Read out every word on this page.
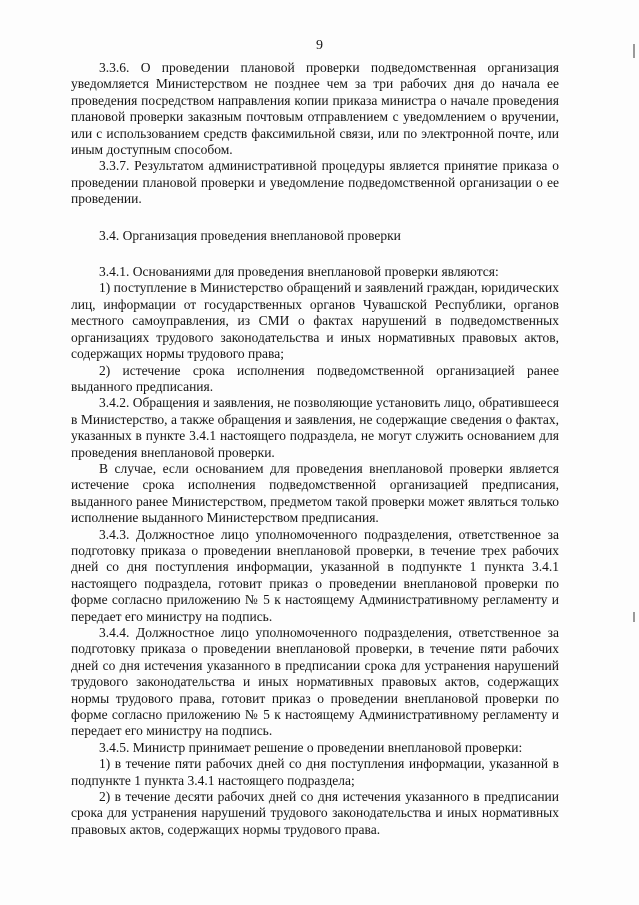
9

3.3.6. О проведении плановой проверки подведомственная организация уведомляется Министерством не позднее чем за три рабочих дня до начала ее проведения посредством направления копии приказа министра о начале проведения плановой проверки заказным почтовым отправлением с уведомлением о вручении, или с использованием средств факсимильной связи, или по электронной почте, или иным доступным способом.

3.3.7. Результатом административной процедуры является принятие приказа о проведении плановой проверки и уведомление подведомственной организации о ее проведении.

3.4. Организация проведения внеплановой проверки

3.4.1. Основаниями для проведения внеплановой проверки являются:

1) поступление в Министерство обращений и заявлений граждан, юридических лиц, информации от государственных органов Чувашской Республики, органов местного самоуправления, из СМИ о фактах нарушений в подведомственных организациях трудового законодательства и иных нормативных правовых актов, содержащих нормы трудового права;

2) истечение срока исполнения подведомственной организацией ранее выданного предписания.

3.4.2. Обращения и заявления, не позволяющие установить лицо, обратившееся в Министерство, а также обращения и заявления, не содержащие сведения о фактах, указанных в пункте 3.4.1 настоящего подраздела, не могут служить основанием для проведения внеплановой проверки.

В случае, если основанием для проведения внеплановой проверки является истечение срока исполнения подведомственной организацией предписания, выданного ранее Министерством, предметом такой проверки может являться только исполнение выданного Министерством предписания.

3.4.3. Должностное лицо уполномоченного подразделения, ответственное за подготовку приказа о проведении внеплановой проверки, в течение трех рабочих дней со дня поступления информации, указанной в подпункте 1 пункта 3.4.1 настоящего подраздела, готовит приказ о проведении внеплановой проверки по форме согласно приложению № 5 к настоящему Административному регламенту и передает его министру на подпись.

3.4.4. Должностное лицо уполномоченного подразделения, ответственное за подготовку приказа о проведении внеплановой проверки, в течение пяти рабочих дней со дня истечения указанного в предписании срока для устранения нарушений трудового законодательства и иных нормативных правовых актов, содержащих нормы трудового права, готовит приказ о проведении внеплановой проверки по форме согласно приложению № 5 к настоящему Административному регламенту и передает его министру на подпись.

3.4.5. Министр принимает решение о проведении внеплановой проверки:

1) в течение пяти рабочих дней со дня поступления информации, указанной в подпункте 1 пункта 3.4.1 настоящего подраздела;

2) в течение десяти рабочих дней со дня истечения указанного в предписании срока для устранения нарушений трудового законодательства и иных нормативных правовых актов, содержащих нормы трудового права.
